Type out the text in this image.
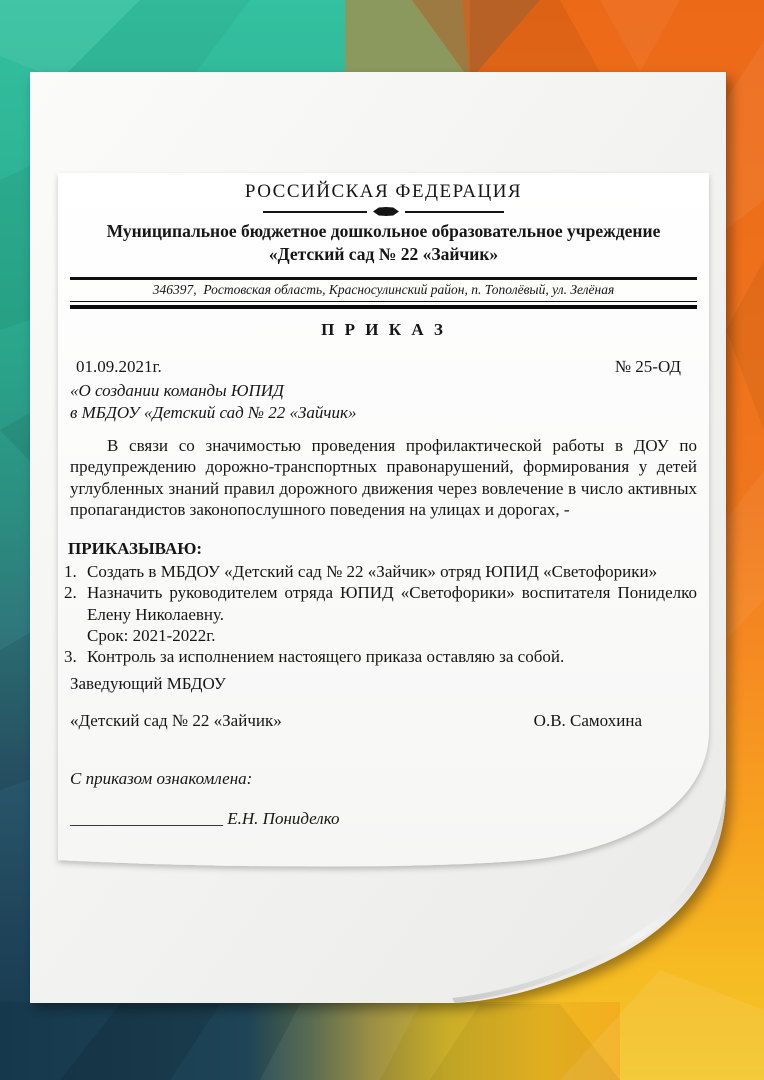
РОССИЙСКАЯ ФЕДЕРАЦИЯ
Муниципальное бюджетное дошкольное образовательное учреждение
«Детский сад № 22 «Зайчик»
346397,  Ростовская область, Красносулинский район, п. Тополёвый, ул. Зелёная
П Р И К А З
01.09.2021г.	№ 25-ОД
«О создании команды ЮПИД
в МБДОУ «Детский сад № 22 «Зайчик»
В связи со значимостью проведения профилактической работы в ДОУ по предупреждению дорожно-транспортных правонарушений, формирования у детей углубленных знаний правил дорожного движения через вовлечение в число активных пропагандистов законопослушного поведения на улицах и дорогах, -
ПРИКАЗЫВАЮ:
1. Создать в МБДОУ «Детский сад № 22 «Зайчик» отряд ЮПИД «Светофорики»
2. Назначить руководителем отряда ЮПИД «Светофорики» воспитателя Пониделко Елену Николаевну.
Срок: 2021-2022г.
3. Контроль за исполнением настоящего приказа оставляю за собой.
Заведующий МБДОУ
«Детский сад № 22 «Зайчик»	О.В. Самохина
С приказом ознакомлена:
__________________ Е.Н. Пониделко
